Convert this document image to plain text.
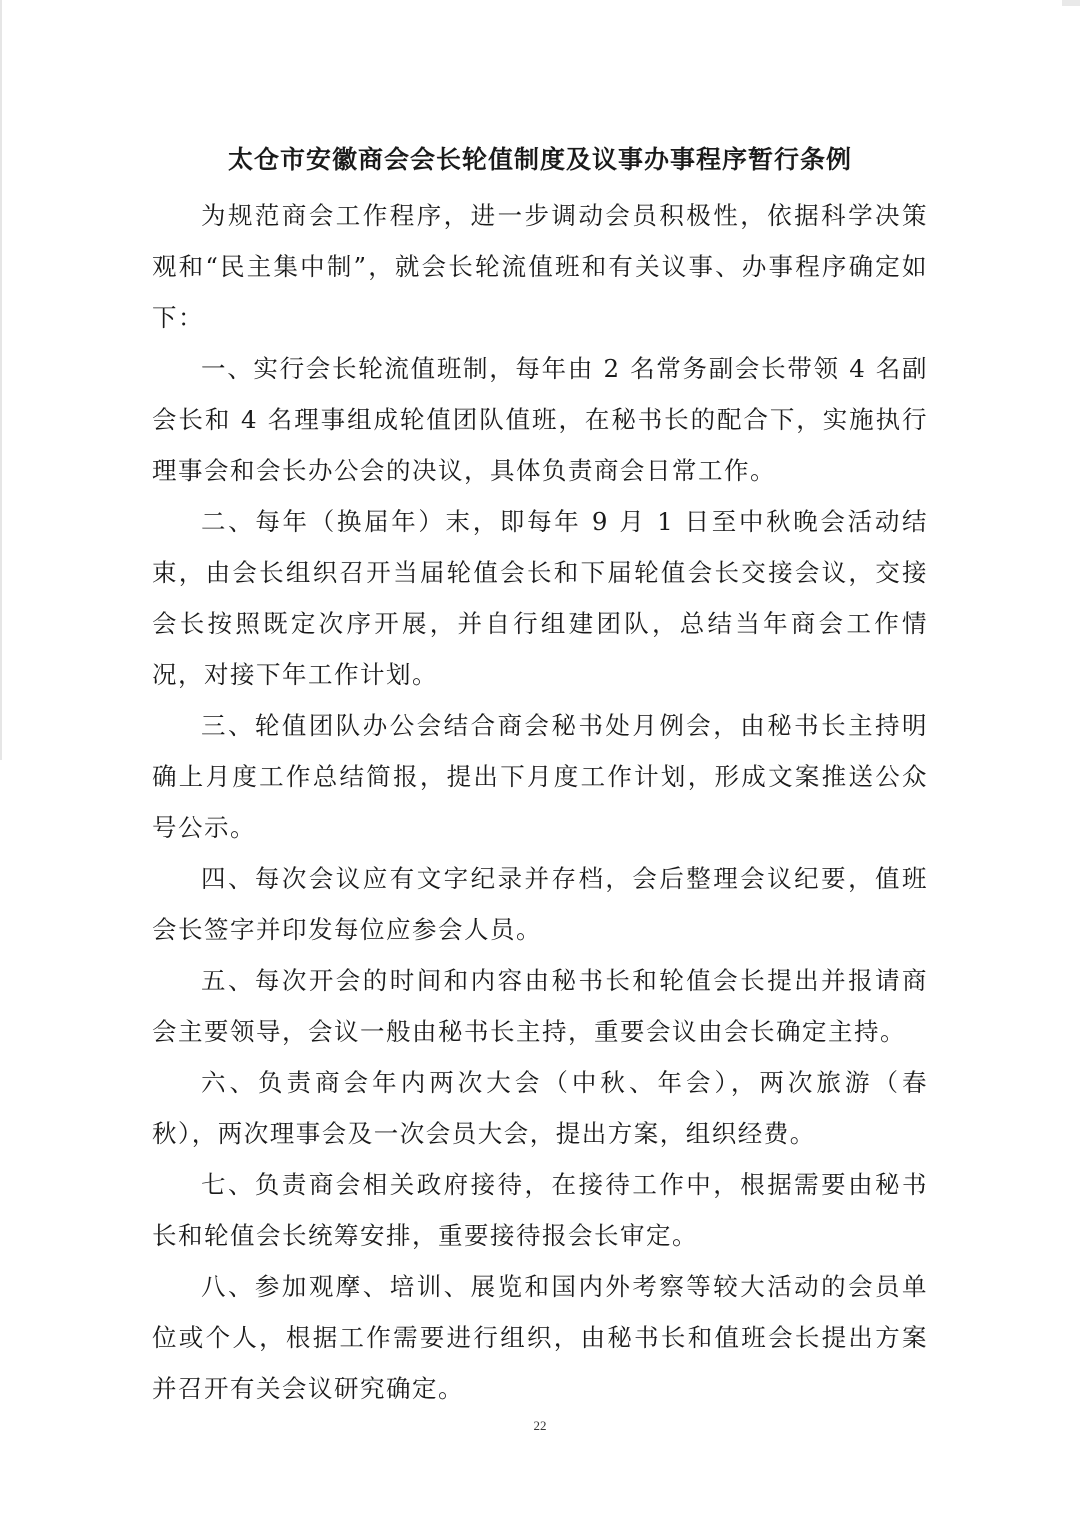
太仓市安徽商会会长轮值制度及议事办事程序暂行条例

为规范商会工作程序，进一步调动会员积极性，依据科学决策观和“民主集中制”，就会长轮流值班和有关议事、办事程序确定如下：

一、实行会长轮流值班制，每年由 2 名常务副会长带领 4 名副会长和 4 名理事组成轮值团队值班，在秘书长的配合下，实施执行理事会和会长办公会的决议，具体负责商会日常工作。

二、每年（换届年）末，即每年 9 月 1 日至中秋晚会活动结束，由会长组织召开当届轮值会长和下届轮值会长交接会议，交接会长按照既定次序开展，并自行组建团队，总结当年商会工作情况，对接下年工作计划。

三、轮值团队办公会结合商会秘书处月例会，由秘书长主持明确上月度工作总结简报，提出下月度工作计划，形成文案推送公众号公示。

四、每次会议应有文字纪录并存档，会后整理会议纪要，值班会长签字并印发每位应参会人员。

五、每次开会的时间和内容由秘书长和轮值会长提出并报请商会主要领导，会议一般由秘书长主持，重要会议由会长确定主持。

六、负责商会年内两次大会（中秋、年会），两次旅游（春秋），两次理事会及一次会员大会，提出方案，组织经费。

七、负责商会相关政府接待，在接待工作中，根据需要由秘书长和轮值会长统筹安排，重要接待报会长审定。

八、参加观摩、培训、展览和国内外考察等较大活动的会员单位或个人，根据工作需要进行组织，由秘书长和值班会长提出方案并召开有关会议研究确定。

22
